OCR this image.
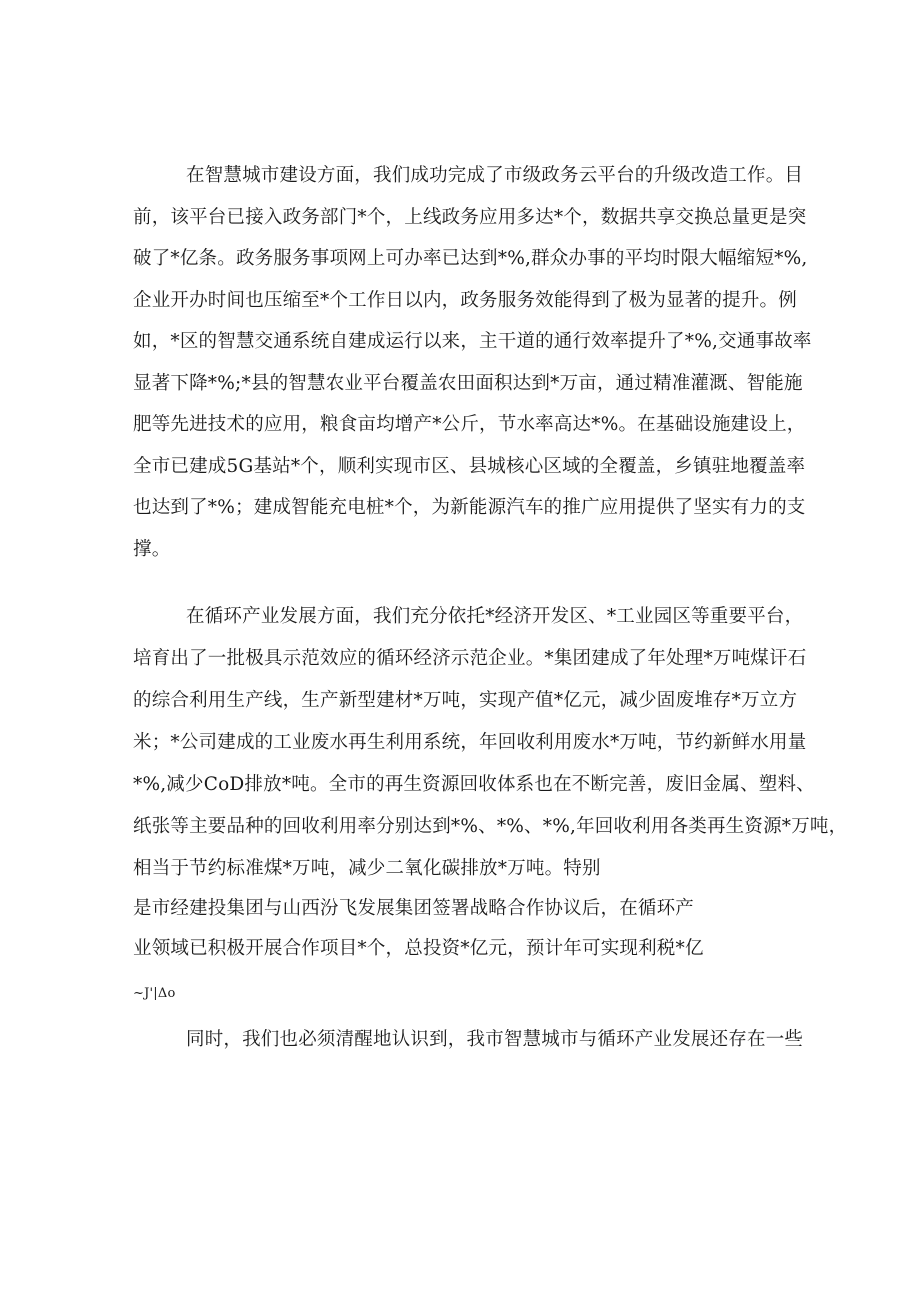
在智慧城市建设方面，我们成功完成了市级政务云平台的升级改造工作。目
前，该平台已接入政务部门*个，上线政务应用多达*个，数据共享交换总量更是突
破了*亿条。政务服务事项网上可办率已达到*%,群众办事的平均时限大幅缩短*%,
企业开办时间也压缩至*个工作日以内，政务服务效能得到了极为显著的提升。例
如，*区的智慧交通系统自建成运行以来，主干道的通行效率提升了*%,交通事故率
显著下降*%;*县的智慧农业平台覆盖农田面积达到*万亩，通过精准灌溉、智能施
肥等先进技术的应用，粮食亩均增产*公斤，节水率高达*%。在基础设施建设上，
全市已建成5G基站*个，顺利实现市区、县城核心区域的全覆盖，乡镇驻地覆盖率
也达到了*%；建成智能充电桩*个，为新能源汽车的推广应用提供了坚实有力的支
撑。
在循环产业发展方面，我们充分依托*经济开发区、*工业园区等重要平台，
培育出了一批极具示范效应的循环经济示范企业。*集团建成了年处理*万吨煤讦石
的综合利用生产线，生产新型建材*万吨，实现产值*亿元，减少固废堆存*万立方
米；*公司建成的工业废水再生利用系统，年回收利用废水*万吨，节约新鲜水用量
*%,减少CoD排放*吨。全市的再生资源回收体系也在不断完善，废旧金属、塑料、
纸张等主要品种的回收利用率分别达到*%、*%、*%,年回收利用各类再生资源*万吨，
相当于节约标准煤*万吨，减少二氧化碳排放*万吨。特别
是市经建投集团与山西汾飞发展集团签署战略合作协议后，在循环产
业领域已积极开展合作项目*个，总投资*亿元，预计年可实现利税*亿
~J'|Δo
同时，我们也必须清醒地认识到，我市智慧城市与循环产业发展还存在一些
